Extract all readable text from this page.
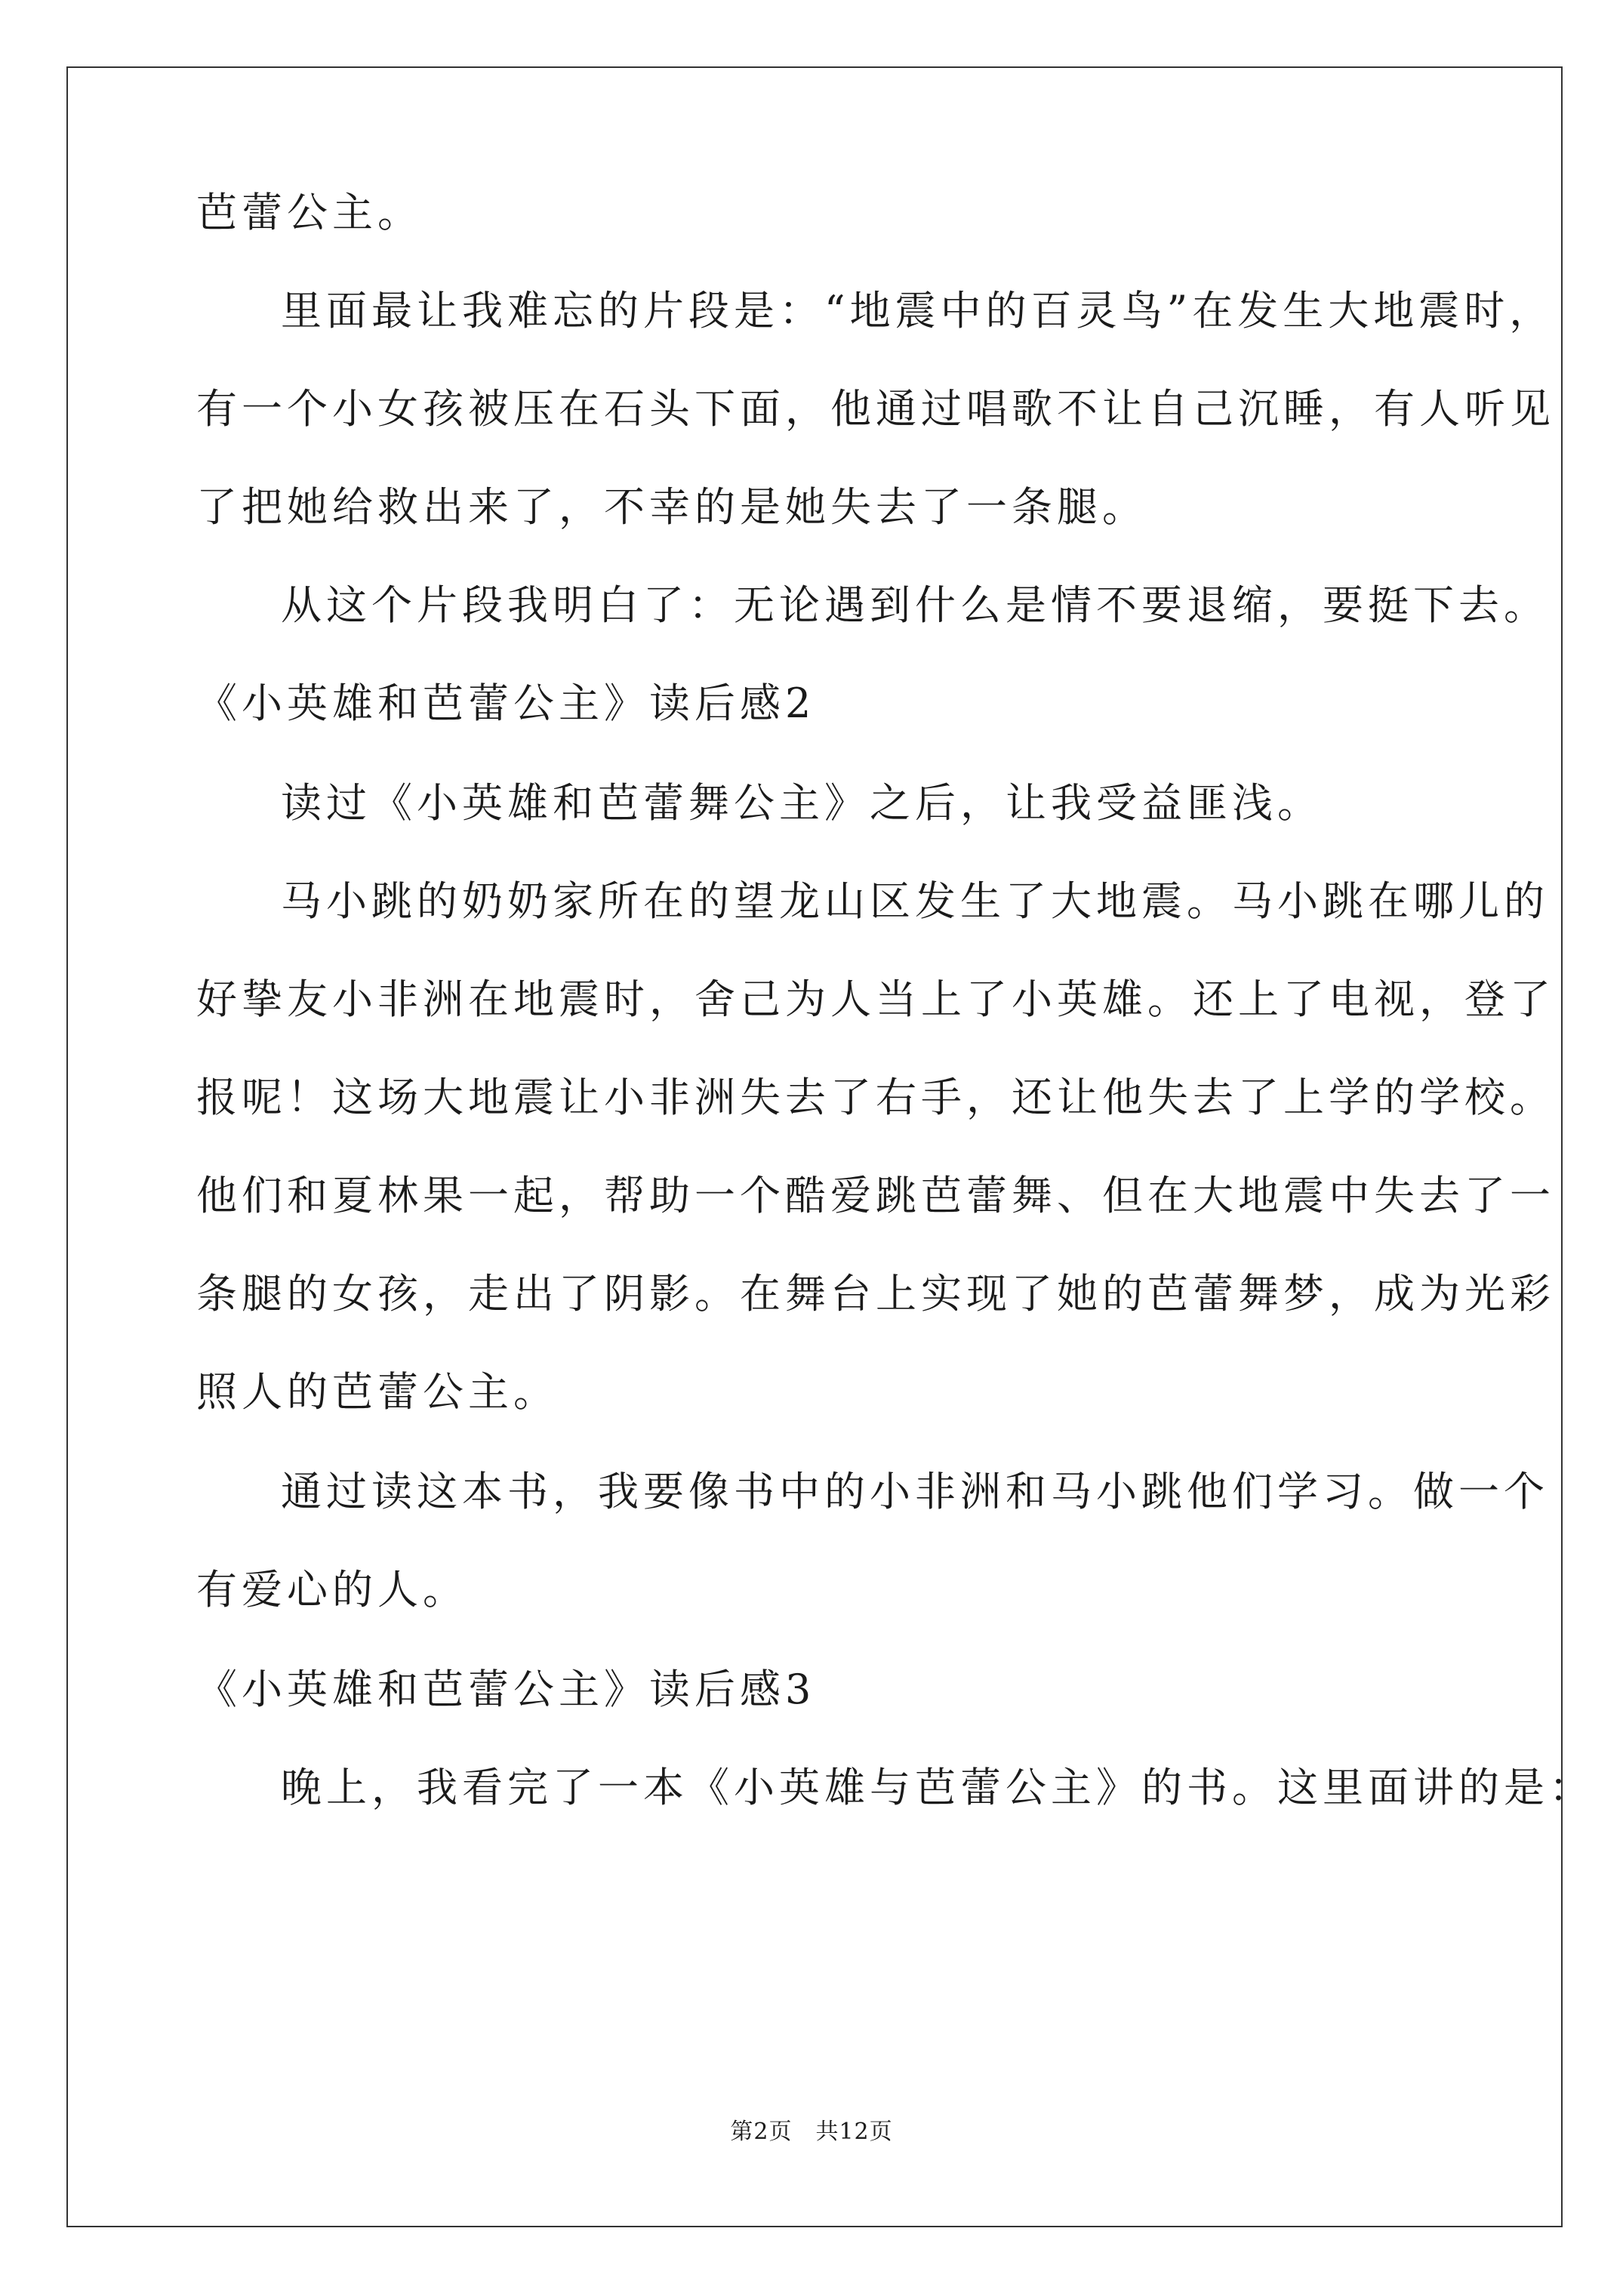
芭蕾公主。
里面最让我难忘的片段是：“地震中的百灵鸟”在发生大地震时，
有一个小女孩被压在石头下面，他通过唱歌不让自己沉睡，有人听见
了把她给救出来了，不幸的是她失去了一条腿。
从这个片段我明白了：无论遇到什么是情不要退缩，要挺下去。
《小英雄和芭蕾公主》读后感2
读过《小英雄和芭蕾舞公主》之后，让我受益匪浅。
马小跳的奶奶家所在的望龙山区发生了大地震。马小跳在哪儿的
好挚友小非洲在地震时，舍己为人当上了小英雄。还上了电视，登了
报呢！这场大地震让小非洲失去了右手，还让他失去了上学的学校。
他们和夏林果一起，帮助一个酷爱跳芭蕾舞、但在大地震中失去了一
条腿的女孩，走出了阴影。在舞台上实现了她的芭蕾舞梦，成为光彩
照人的芭蕾公主。
通过读这本书，我要像书中的小非洲和马小跳他们学习。做一个
有爱心的人。
《小英雄和芭蕾公主》读后感3
晚上，我看完了一本《小英雄与芭蕾公主》的书。这里面讲的是：
第2页　共12页
